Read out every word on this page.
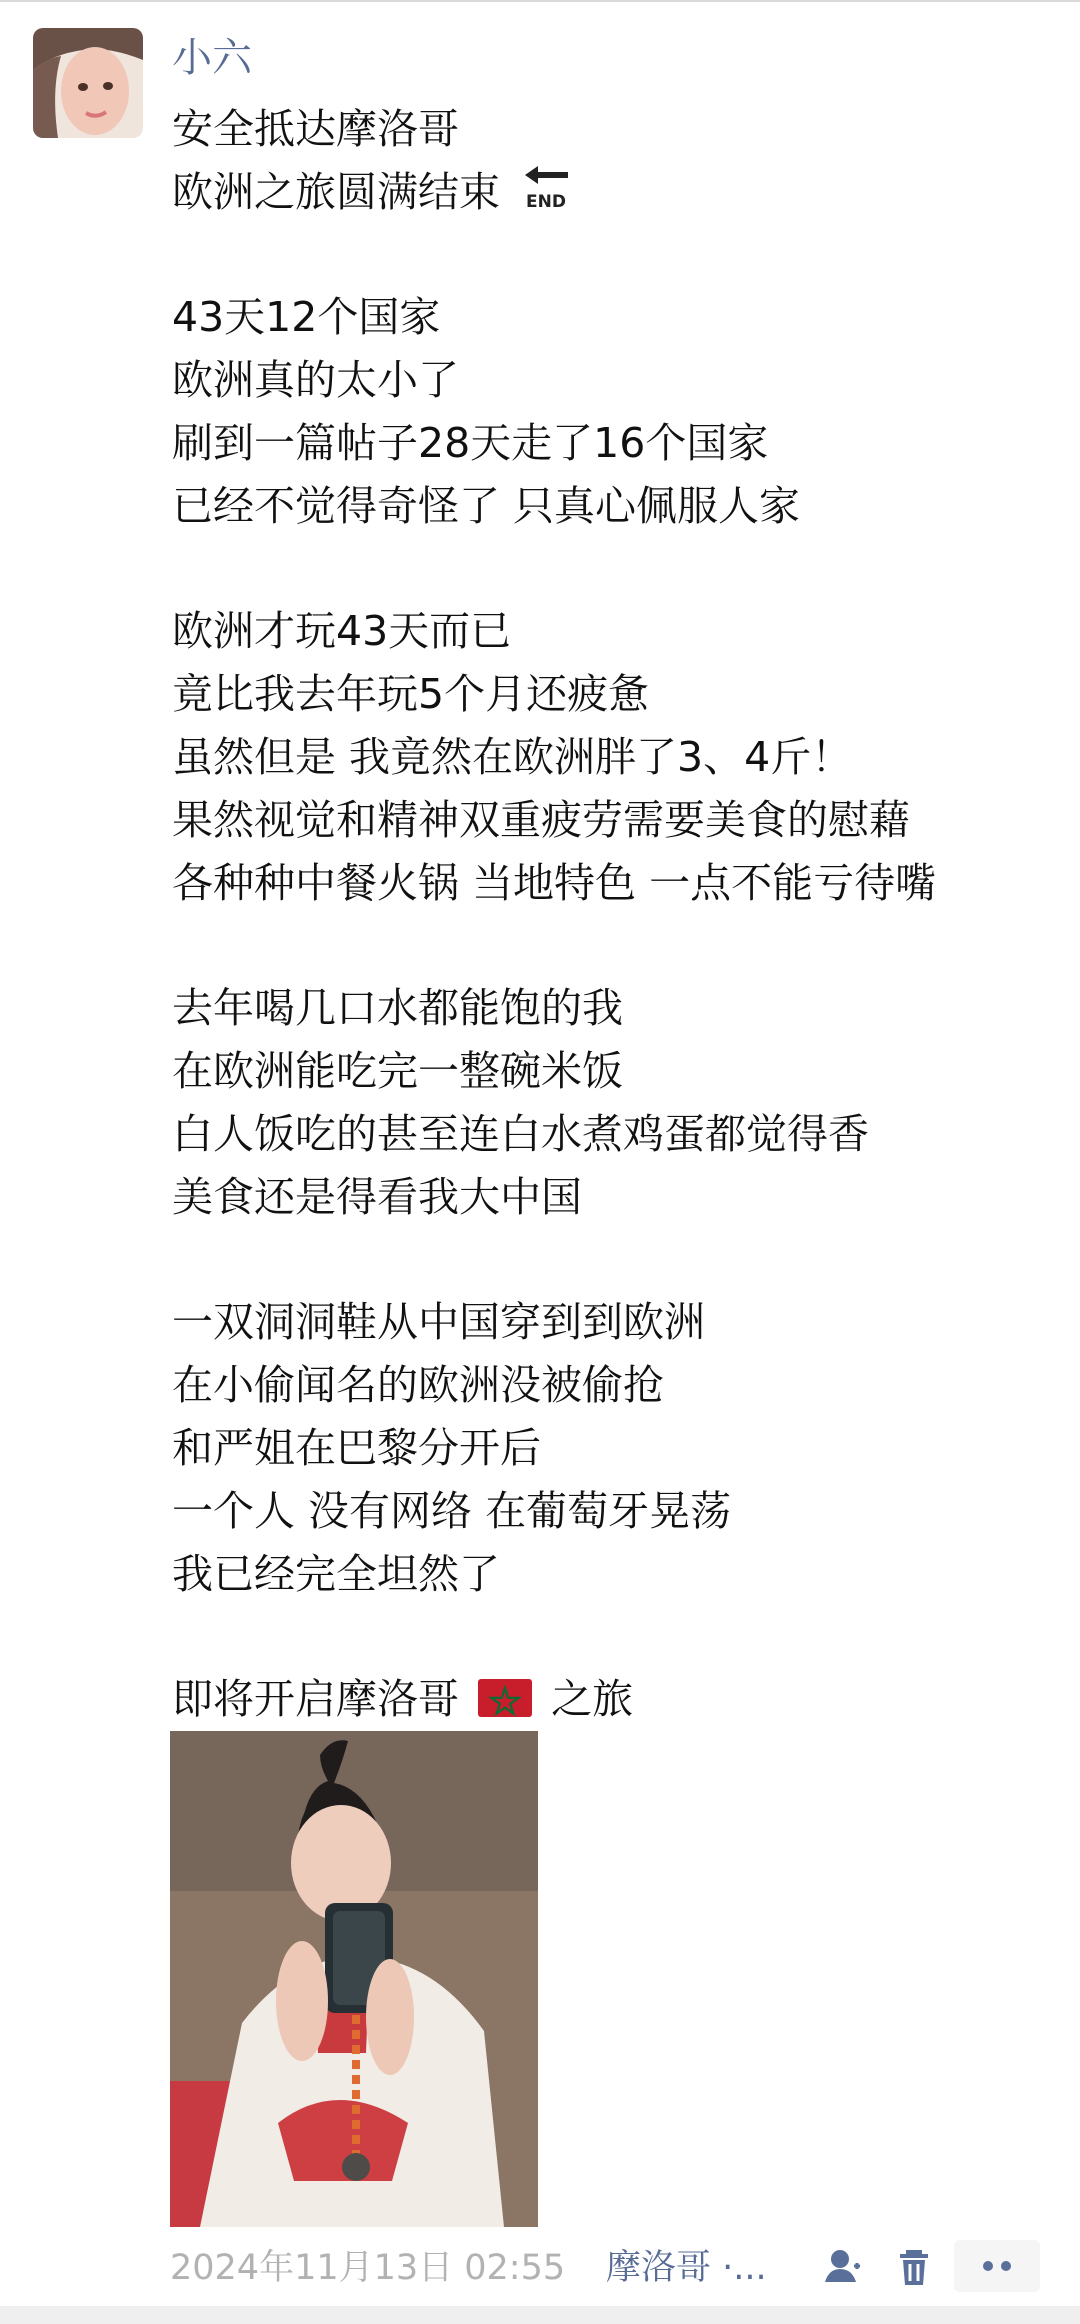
小六
安全抵达摩洛哥
欧洲之旅圆满结束 END
43天12个国家
欧洲真的太小了
刷到一篇帖子28天走了16个国家
已经不觉得奇怪了 只真心佩服人家
欧洲才玩43天而已
竟比我去年玩5个月还疲惫
虽然但是 我竟然在欧洲胖了3、4斤！
果然视觉和精神双重疲劳需要美食的慰藉
各种种中餐火锅 当地特色 一点不能亏待嘴
去年喝几口水都能饱的我
在欧洲能吃完一整碗米饭
白人饭吃的甚至连白水煮鸡蛋都觉得香
美食还是得看我大中国
一双洞洞鞋从中国穿到到欧洲
在小偷闻名的欧洲没被偷抢
和严姐在巴黎分开后
一个人 没有网络 在葡萄牙晃荡
我已经完全坦然了
即将开启摩洛哥 之旅
2024年11月13日 02:55 摩洛哥 ·...
